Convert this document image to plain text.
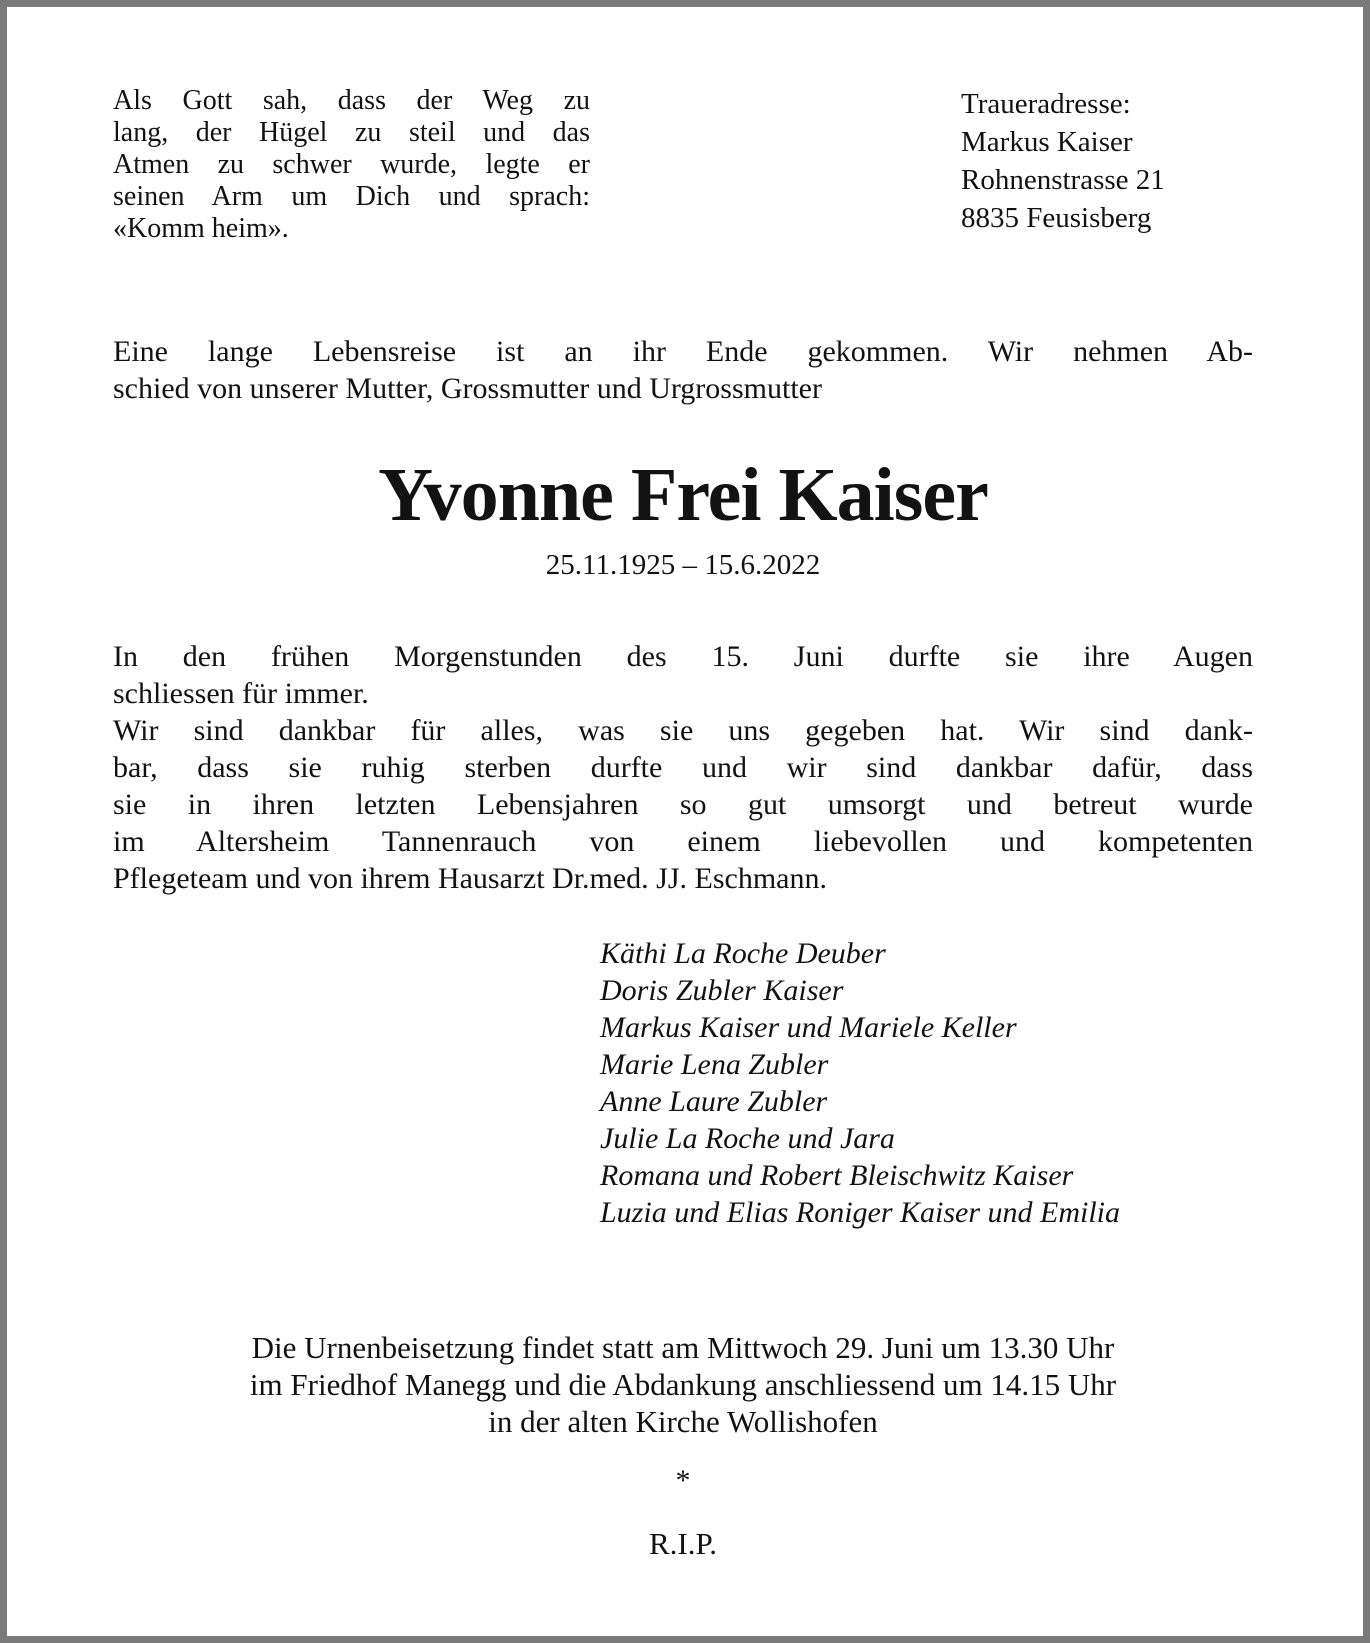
Als Gott sah, dass der Weg zu
lang, der Hügel zu steil und das
Atmen zu schwer wurde, legte er
seinen Arm um Dich und sprach:
«Komm heim».
Traueradresse:
Markus Kaiser
Rohnenstrasse 21
8835 Feusisberg
Eine lange Lebensreise ist an ihr Ende gekommen. Wir nehmen Ab-
schied von unserer Mutter, Grossmutter und Urgrossmutter
Yvonne Frei Kaiser
25.11.1925 – 15.6.2022
In den frühen Morgenstunden des 15. Juni durfte sie ihre Augen
schliessen für immer.
Wir sind dankbar für alles, was sie uns gegeben hat. Wir sind dank-
bar, dass sie ruhig sterben durfte und wir sind dankbar dafür, dass
sie in ihren letzten Lebensjahren so gut umsorgt und betreut wurde
im Altersheim Tannenrauch von einem liebevollen und kompetenten
Pflegeteam und von ihrem Hausarzt Dr.med. JJ. Eschmann.
Käthi La Roche Deuber
Doris Zubler Kaiser
Markus Kaiser und Mariele Keller
Marie Lena Zubler
Anne Laure Zubler
Julie La Roche und Jara
Romana und Robert Bleischwitz Kaiser
Luzia und Elias Roniger Kaiser und Emilia
Die Urnenbeisetzung findet statt am Mittwoch 29. Juni um 13.30 Uhr
im Friedhof Manegg und die Abdankung anschliessend um 14.15 Uhr
in der alten Kirche Wollishofen
*
R.I.P.
